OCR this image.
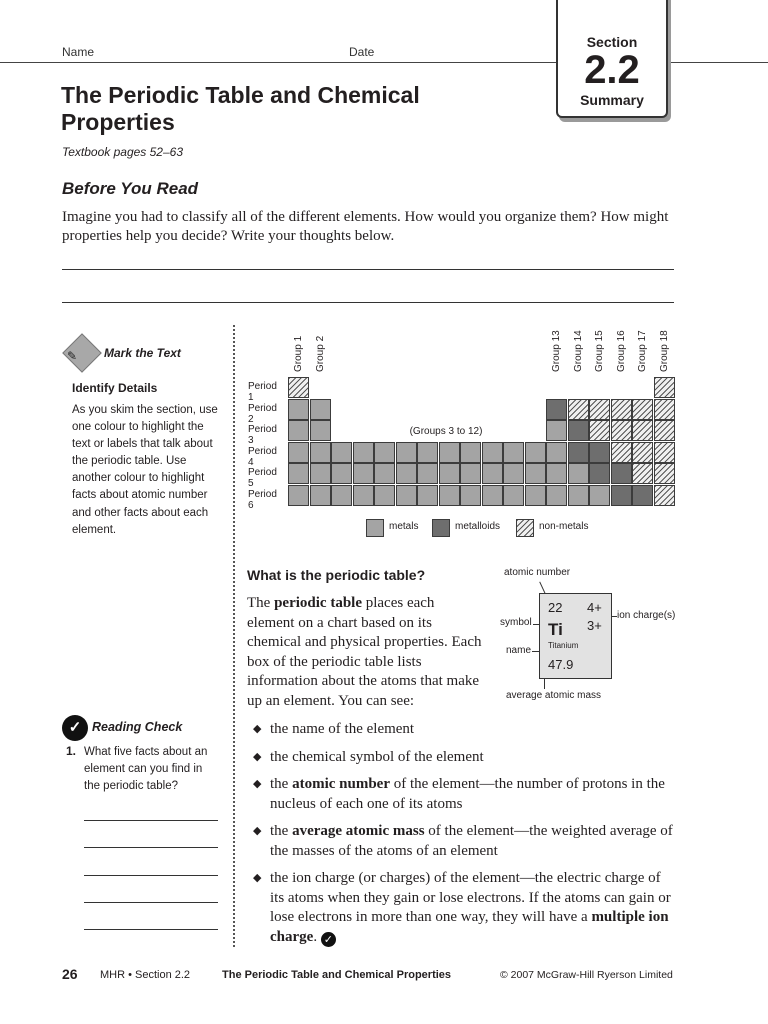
Name	Date
Section
2.2
Summary
The Periodic Table and Chemical Properties
Textbook pages 52–63
Before You Read
Imagine you had to classify all of the different elements. How would you organize them? How might properties help you decide? Write your thoughts below.
✎ Mark the Text
Identify Details
As you skim the section, use one colour to highlight the text or labels that talk about the periodic table. Use another colour to highlight facts about atomic number and other facts about each element.
✓ Reading Check
1. What five facts about an element can you find in the periodic table?
(Groups 3 to 12)
Group 1 Group 2	Group 13 Group 14 Group 15 Group 16 Group 17 Group 18
Period 1
Period 2
Period 3
Period 4
Period 5
Period 6
metals	metalloids	non-metals
What is the periodic table?
The periodic table places each element on a chart based on its chemical and physical properties. Each box of the periodic table lists information about the atoms that make up an element. You can see:
atomic number
symbol
name
ion charge(s)
average atomic mass
22 4+
3+
Ti
Titanium
47.9
◆ the name of the element
◆ the chemical symbol of the element
◆ the atomic number of the element—the number of protons in the nucleus of each one of its atoms
◆ the average atomic mass of the element—the weighted average of the masses of the atoms of an element
◆ the ion charge (or charges) of the element—the electric charge of its atoms when they gain or lose electrons. If the atoms can gain or lose electrons in more than one way, they will have a multiple ion charge. ✓
26 MHR • Section 2.2	The Periodic Table and Chemical Properties	© 2007 McGraw-Hill Ryerson Limited
